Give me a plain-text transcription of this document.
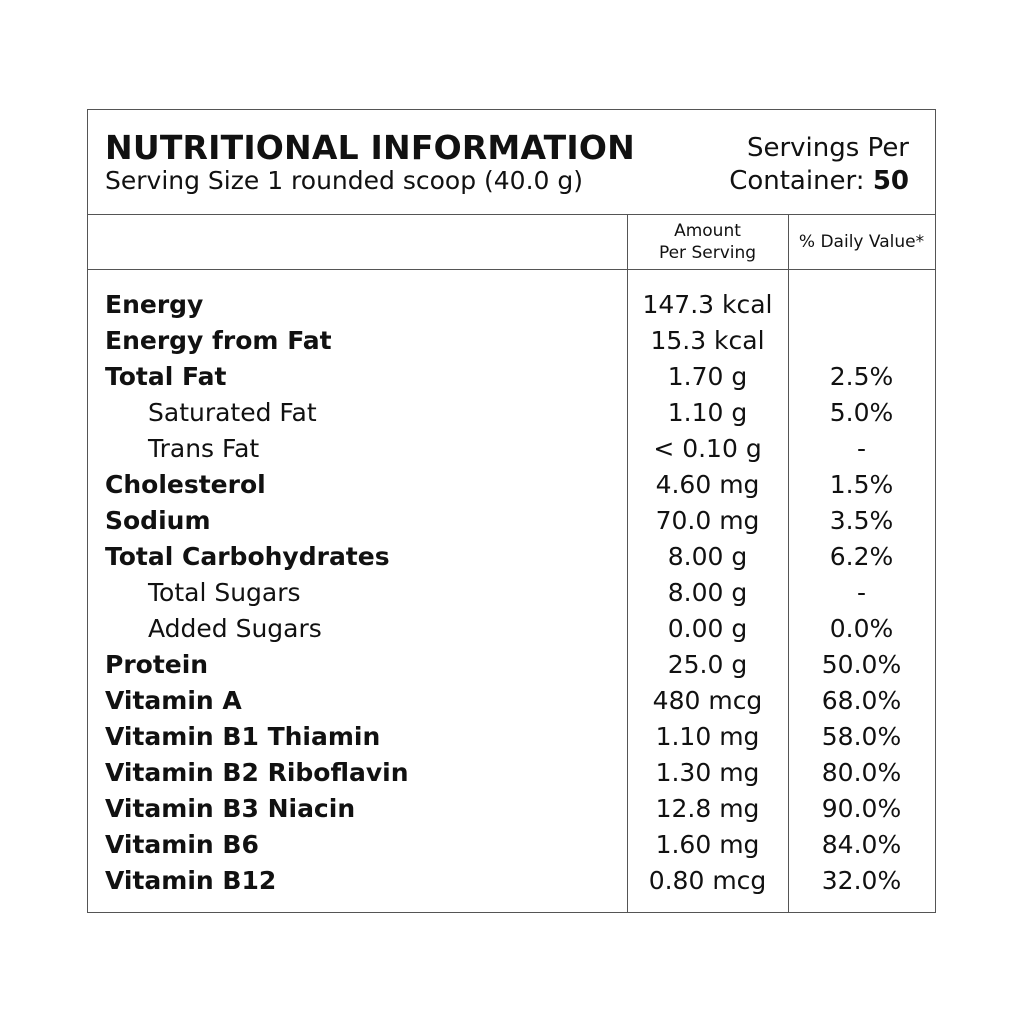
NUTRITIONAL INFORMATION
Serving Size 1 rounded scoop (40.0 g)
Servings Per
Container: 50
Amount
Per Serving
% Daily Value*
Energy	147.3 kcal
Energy from Fat	15.3 kcal
Total Fat	1.70 g	2.5%
Saturated Fat	1.10 g	5.0%
Trans Fat	< 0.10 g	-
Cholesterol	4.60 mg	1.5%
Sodium	70.0 mg	3.5%
Total Carbohydrates	8.00 g	6.2%
Total Sugars	8.00 g	-
Added Sugars	0.00 g	0.0%
Protein	25.0 g	50.0%
Vitamin A	480 mcg	68.0%
Vitamin B1 Thiamin	1.10 mg	58.0%
Vitamin B2 Riboflavin	1.30 mg	80.0%
Vitamin B3 Niacin	12.8 mg	90.0%
Vitamin B6	1.60 mg	84.0%
Vitamin B12	0.80 mcg	32.0%
